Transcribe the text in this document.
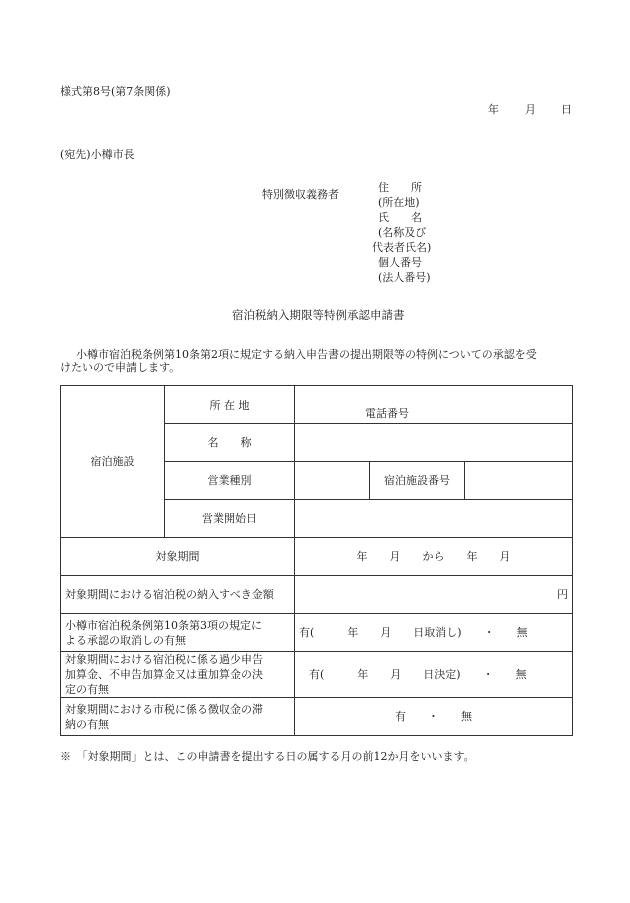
様式第8号(第7条関係)
年 月 日
(宛先)小樽市長
特別徴収義務者
住　　所
(所在地)
氏　　名
(名称及び
代表者氏名)
個人番号
(法人番号)
宿泊税納入期限等特例承認申請書
小樽市宿泊税条例第10条第2項に規定する納入申告書の提出期限等の特例についての承認を受
けたいので申請します。
宿泊施設	所 在 地	電話番号		
	名　　称			
	営業種別		宿泊施設番号	
	営業開始日			
対象期間		年　　月　　から　　年　　月		
対象期間における宿泊税の納入すべき金額		円		

小樽市宿泊税条例第10条第3項の規定に
よる承認の取消しの有無		有(　　　年　　月　　日取消し)　　・　　無		

対象期間における宿泊税に係る過少申告
加算金、不申告加算金又は重加算金の決
定の有無		有(　　　年　　月　　日決定)　　・　　無		

対象期間における市税に係る徴収金の滞
納の有無		有　　・　　無		
※　「対象期間」とは、この申請書を提出する日の属する月の前12か月をいいます。
